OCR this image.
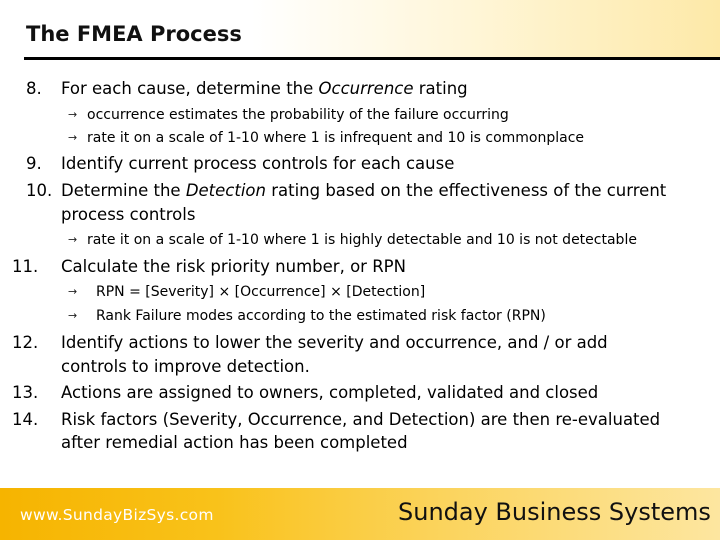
The FMEA Process
8. For each cause, determine the Occurrence rating
→ occurrence estimates the probability of the failure occurring
→ rate it on a scale of 1-10 where 1 is infrequent and 10 is commonplace
9. Identify current process controls for each cause
10. Determine the Detection rating based on the effectiveness of the current
process controls
→ rate it on a scale of 1-10 where 1 is highly detectable and 10 is not detectable
11. Calculate the risk priority number, or RPN
→ RPN = [Severity] × [Occurrence] × [Detection]
→ Rank Failure modes according to the estimated risk factor (RPN)
12. Identify actions to lower the severity and occurrence, and / or add
controls to improve detection.
13. Actions are assigned to owners, completed, validated and closed
14. Risk factors (Severity, Occurrence, and Detection) are then re-evaluated
after remedial action has been completed
www.SundayBizSys.com	Sunday Business Systems
